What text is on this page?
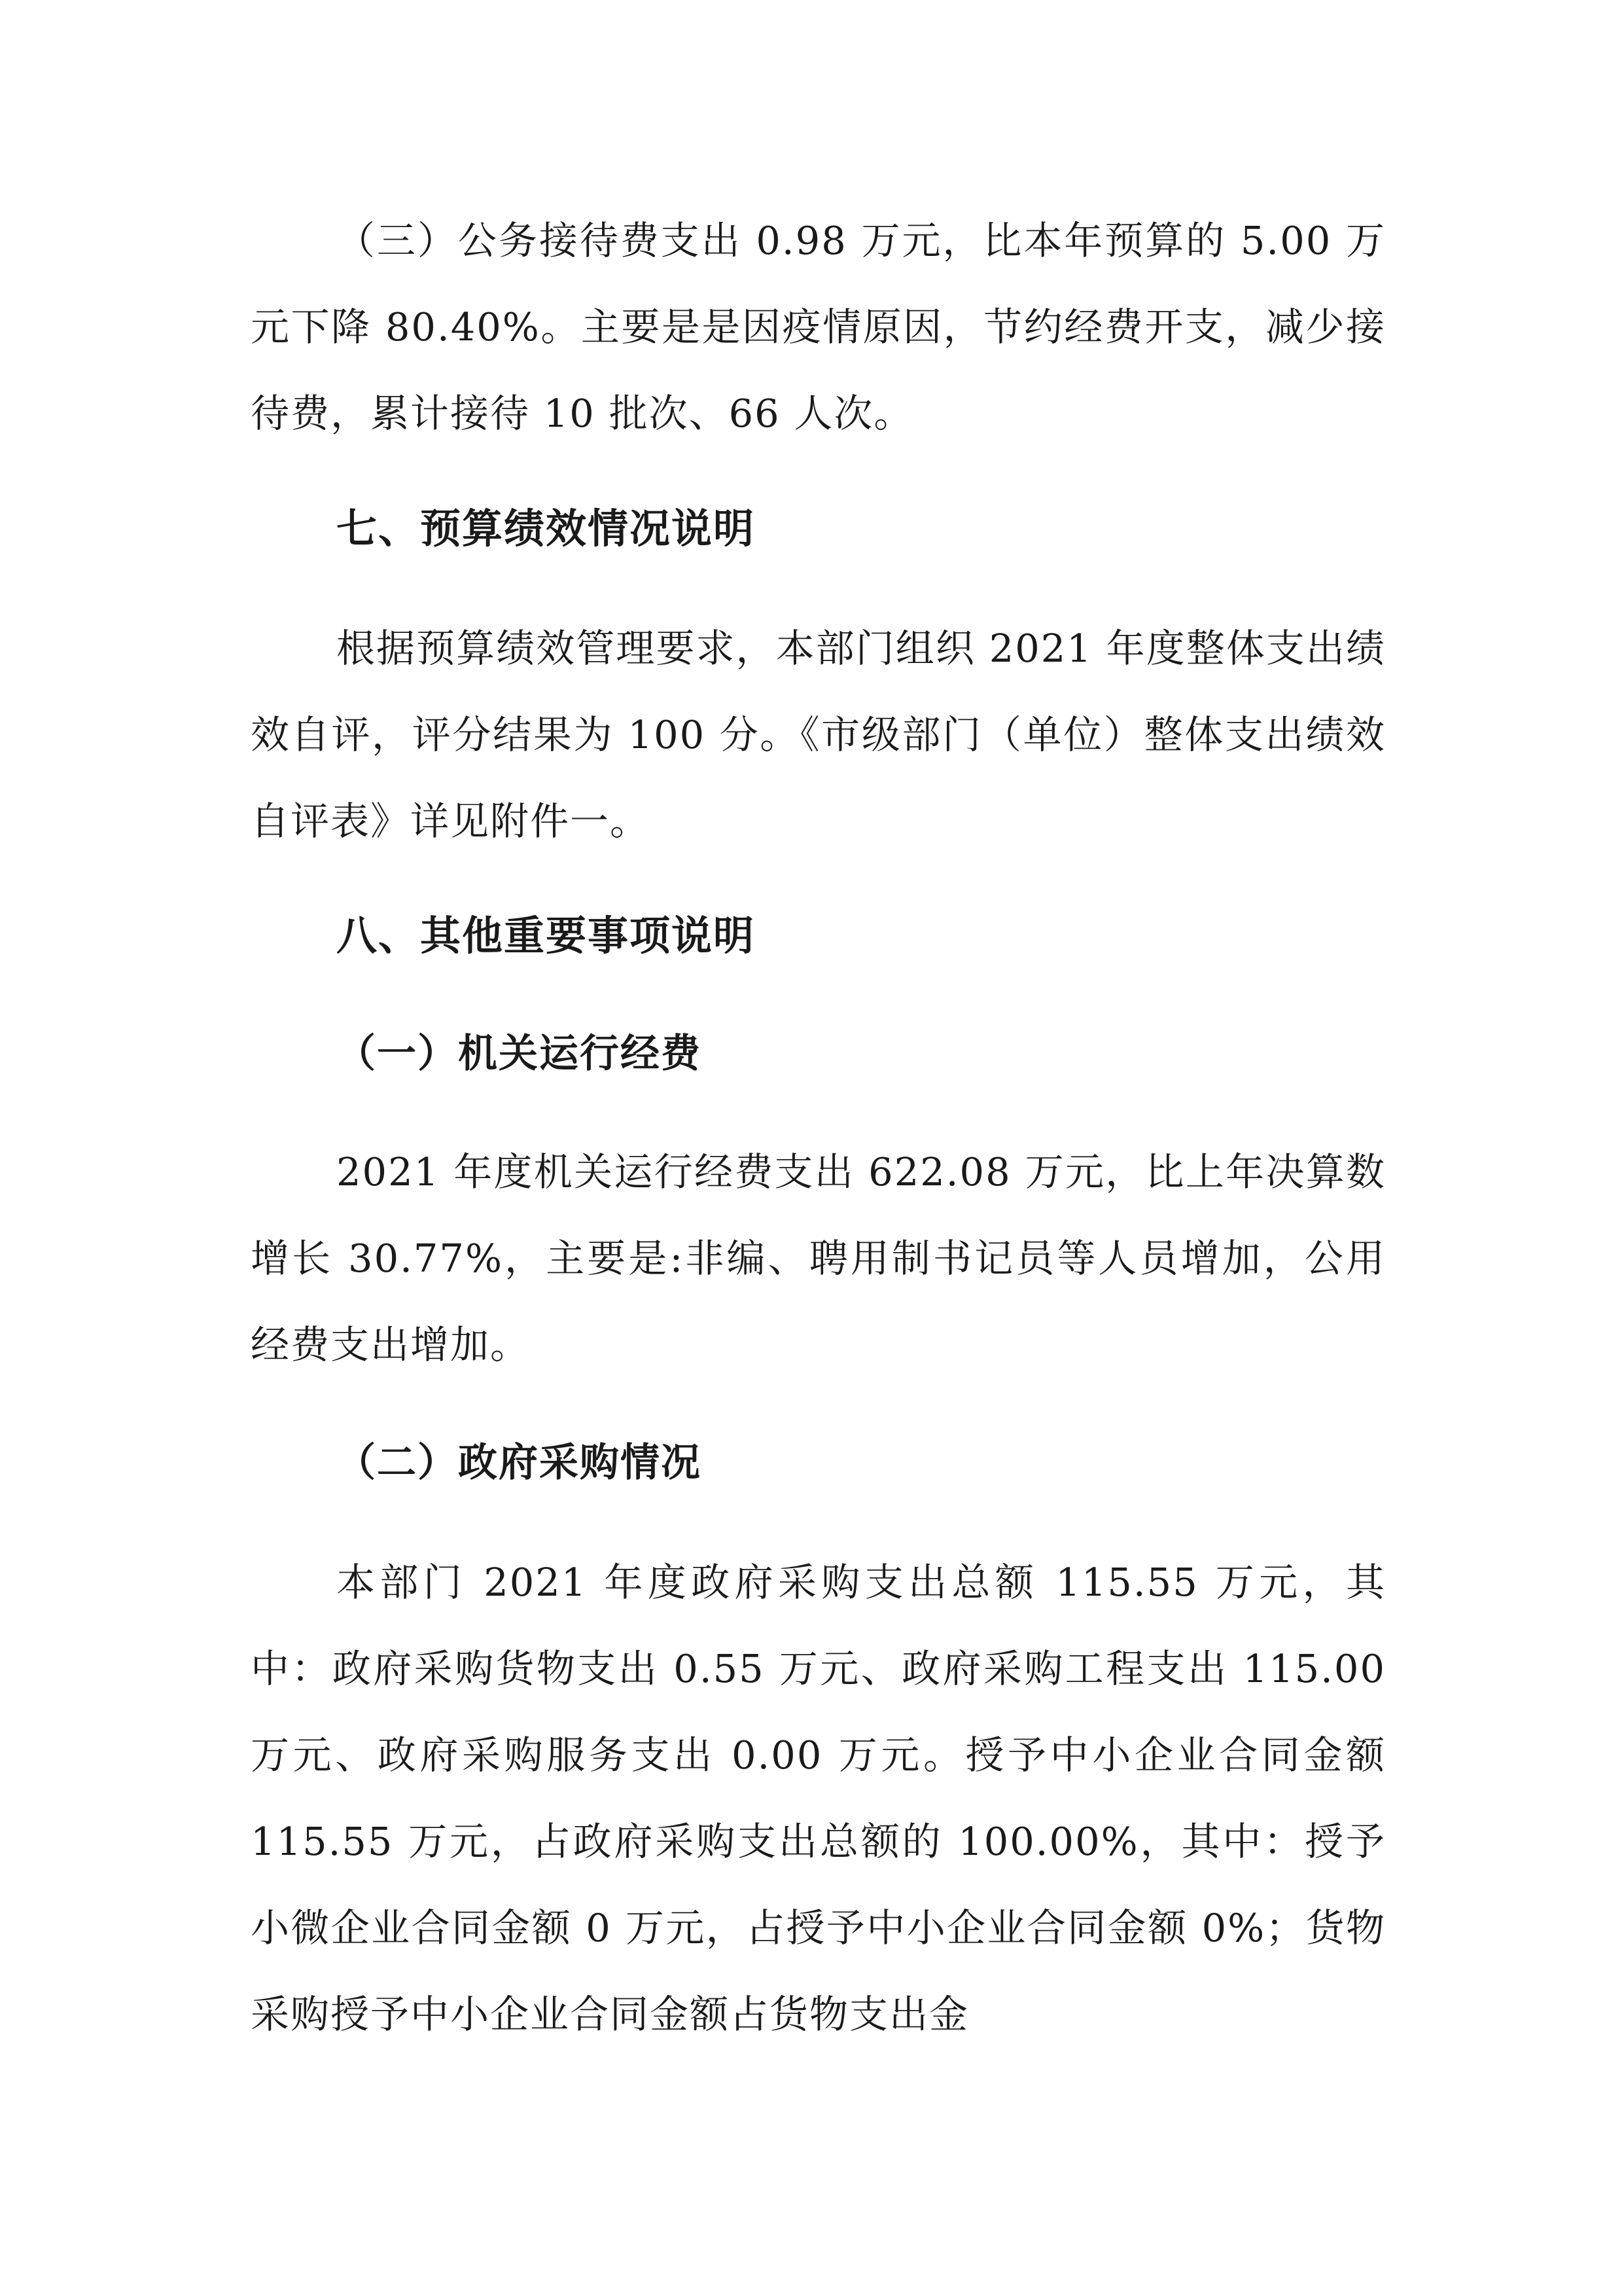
（三）公务接待费支出 0.98 万元，比本年预算的 5.00 万元下降 80.40%。主要是是因疫情原因，节约经费开支，减少接待费，累计接待 10 批次、66 人次。

七、预算绩效情况说明

根据预算绩效管理要求，本部门组织 2021 年度整体支出绩效自评，评分结果为 100 分。《市级部门（单位）整体支出绩效自评表》详见附件一。

八、其他重要事项说明
（一）机关运行经费

2021 年度机关运行经费支出 622.08 万元，比上年决算数增长 30.77%，主要是:非编、聘用制书记员等人员增加，公用经费支出增加。

（二）政府采购情况

本部门 2021 年度政府采购支出总额 115.55 万元，其中：政府采购货物支出 0.55 万元、政府采购工程支出 115.00 万元、政府采购服务支出 0.00 万元。授予中小企业合同金额 115.55 万元，占政府采购支出总额的 100.00%，其中：授予小微企业合同金额 0 万元，占授予中小企业合同金额 0%；货物采购授予中小企业合同金额占货物支出金
